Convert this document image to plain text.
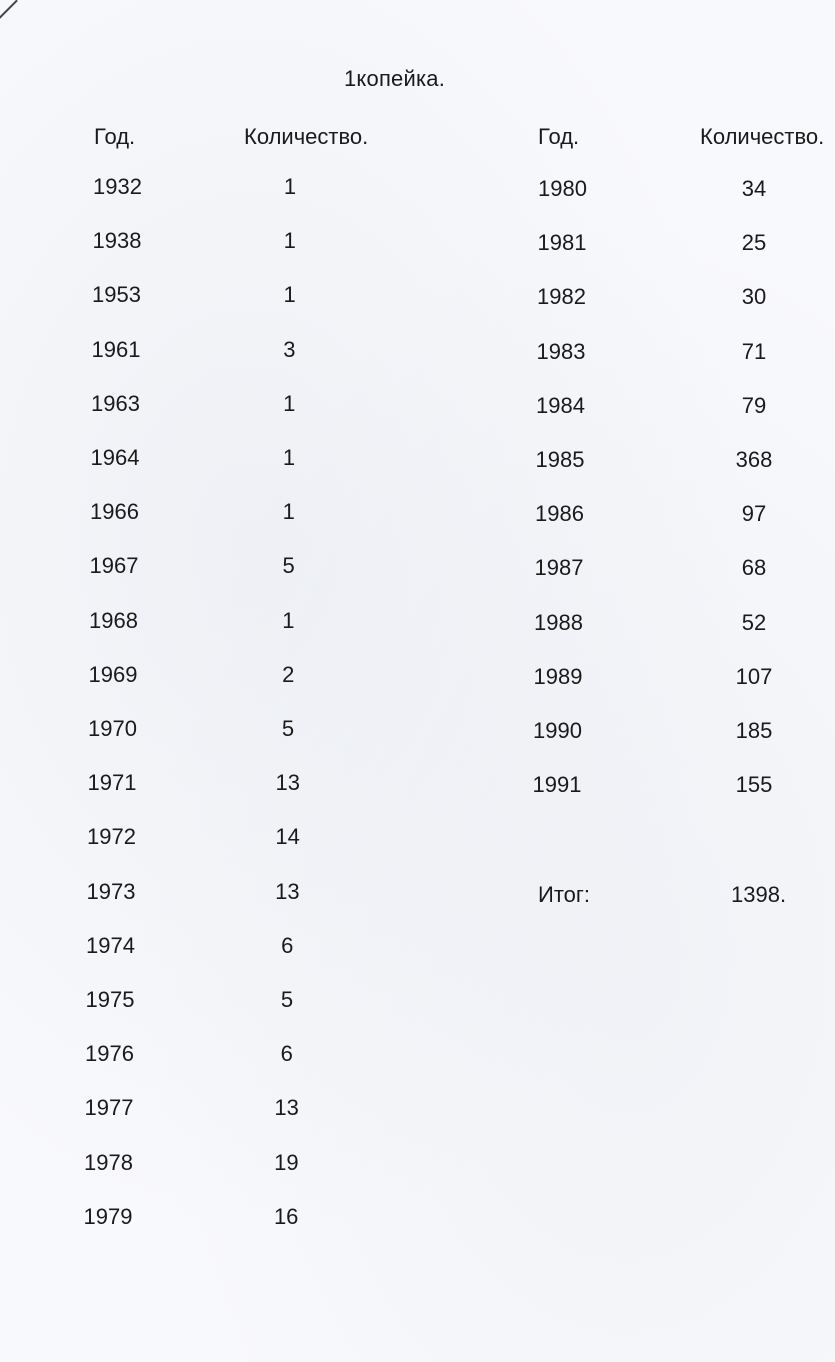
1копейка.
Год.	Количество.	Год.	Количество.
1932	1
1938	1
1953	1
1961	3
1963	1
1964	1
1966	1
1967	5
1968	1
1969	2
1970	5
1971	13
1972	14
1973	13
1974	6
1975	5
1976	6
1977	13
1978	19
1979	16
1980	34
1981	25
1982	30
1983	71
1984	79
1985	368
1986	97
1987	68
1988	52
1989	107
1990	185
1991	155
Итог:	1398.
